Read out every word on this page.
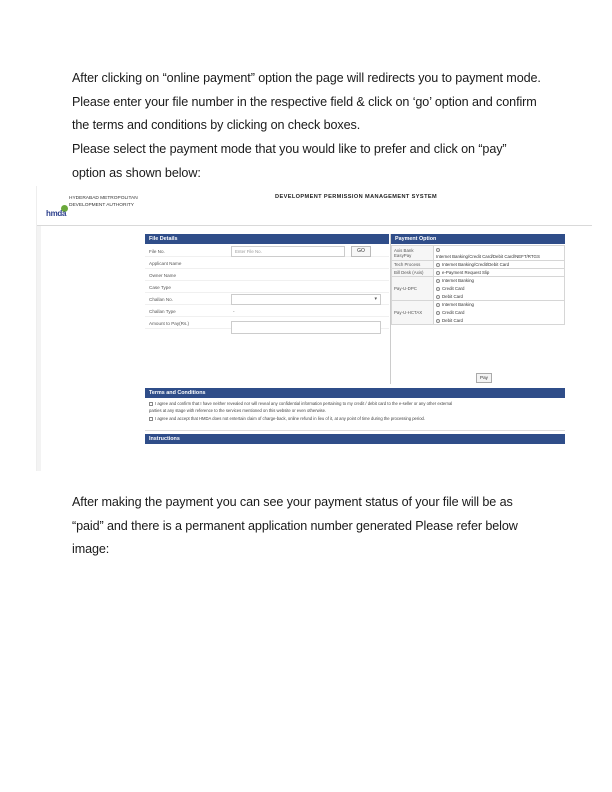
After clicking on “online payment” option the page will redirects you to payment mode. Please enter your file number in the respective field & click on ‘go’ option and confirm the terms and conditions by clicking on check boxes.

Please select the payment mode that you would like to prefer and click on “pay” option as shown below:

hmda
HYDERABAD METROPOLITAN
DEVELOPMENT AUTHORITY
DEVELOPMENT PERMISSION MANAGEMENT SYSTEM
File Details	Payment Option
File No.	Enter File No.	GO
Applicant Name
Owner Name
Case Type
Challan No.	▾
Challan Type	-
Amount to Pay(Rs.)
Axis Bank EasyPay	Internet Banking/Credit Card/Debit Card/NEFT/RTGS
Tech Process	Internet Banking/Credit/Debit Card
Bill Desk (Axis)	e-Payment Request Slip
Pay-U-DPC	Internet Banking
Credit Card
Debit Card

Pay-U-HCTAX	Internet Banking
Credit Card
Debit Card
Pay
Terms and Conditions
I agree and confirm that I have neither revealed nor will reveal any confidential information pertaining to my credit / debit card to the e-seller or any other external
parties at any stage with reference to the services mentioned on this website or even otherwise.
I agree and accept that HMDA does not entertain claim of charge-back, online refund in lieu of it, at any point of time during the processing period.
Instructions

After making the payment you can see your payment status of your file will be as “paid” and there is a permanent application number generated Please refer below image:
